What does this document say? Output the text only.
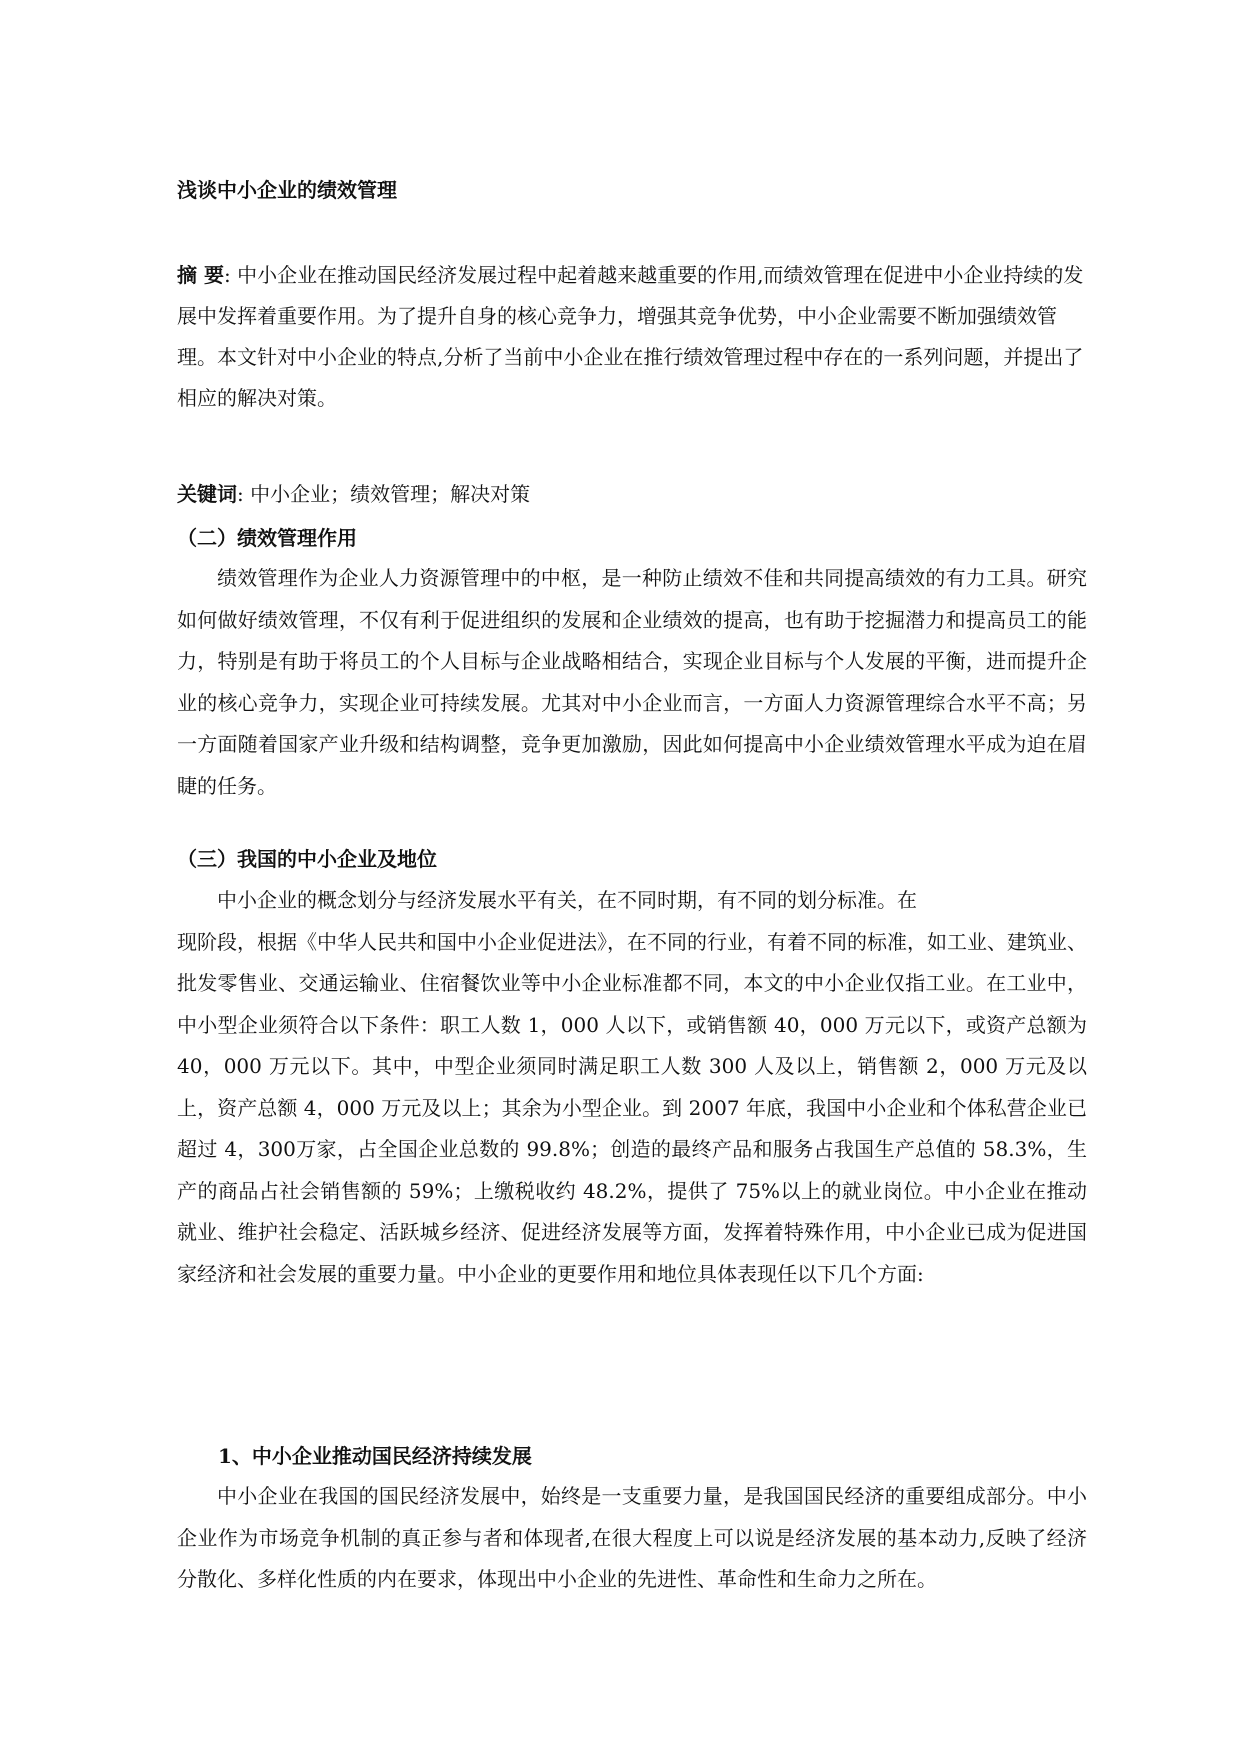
浅谈中小企业的绩效管理

摘 要: 中小企业在推动国民经济发展过程中起着越来越重要的作用,而绩效管理在促进中小企业持续的发展中发挥着重要作用。为了提升自身的核心竞争力，增强其竞争优势，中小企业需要不断加强绩效管理。本文针对中小企业的特点,分析了当前中小企业在推行绩效管理过程中存在的一系列问题，并提出了相应的解决对策。

关键词: 中小企业；绩效管理；解决对策

（二）绩效管理作用

绩效管理作为企业人力资源管理中的中枢，是一种防止绩效不佳和共同提高绩效的有力工具。研究如何做好绩效管理，不仅有利于促进组织的发展和企业绩效的提高，也有助于挖掘潜力和提高员工的能力，特别是有助于将员工的个人目标与企业战略相结合，实现企业目标与个人发展的平衡，进而提升企业的核心竞争力，实现企业可持续发展。尤其对中小企业而言，一方面人力资源管理综合水平不高；另一方面随着国家产业升级和结构调整，竞争更加激励，因此如何提高中小企业绩效管理水平成为迫在眉睫的任务。

（三）我国的中小企业及地位

中小企业的概念划分与经济发展水平有关，在不同时期，有不同的划分标准。在
现阶段，根据《中华人民共和国中小企业促进法》，在不同的行业，有着不同的标准，如工业、建筑业、批发零售业、交通运输业、住宿餐饮业等中小企业标准都不同，本文的中小企业仅指工业。在工业中，中小型企业须符合以下条件：职工人数 1，000 人以下，或销售额 40，000 万元以下，或资产总额为 40，000 万元以下。其中，中型企业须同时满足职工人数 300 人及以上，销售额 2，000 万元及以上，资产总额 4，000 万元及以上；其余为小型企业。到 2007 年底，我国中小企业和个体私营企业已超过 4，300万家，占全国企业总数的 99.8%；创造的最终产品和服务占我国生产总值的 58.3%，生产的商品占社会销售额的 59%；上缴税收约 48.2%，提供了 75%以上的就业岗位。中小企业在推动就业、维护社会稳定、活跃城乡经济、促进经济发展等方面，发挥着特殊作用，中小企业已成为促进国家经济和社会发展的重要力量。中小企业的更要作用和地位具体表现任以下几个方面:

1、中小企业推动国民经济持续发展

中小企业在我国的国民经济发展中，始终是一支重要力量，是我国国民经济的重要组成部分。中小企业作为市场竞争机制的真正参与者和体现者,在很大程度上可以说是经济发展的基本动力,反映了经济分散化、多样化性质的内在要求，体现出中小企业的先进性、革命性和生命力之所在。
